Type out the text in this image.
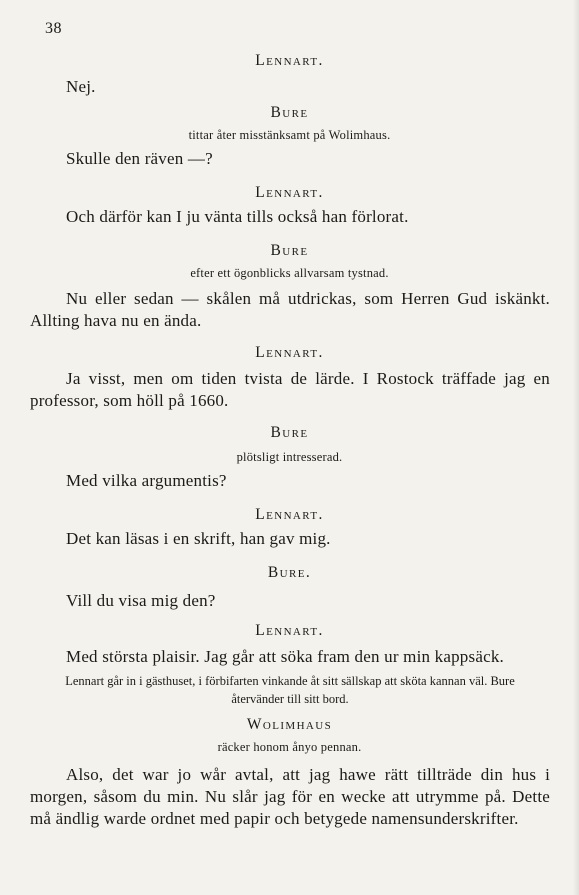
38
Lennart.
Nej.
Bure
tittar åter misstänksamt på Wolimhaus.
Skulle den räven —?
Lennart.
Och därför kan I ju vänta tills också han förlorat.
Bure
efter ett ögonblicks allvarsam tystnad.
Nu eller sedan — skålen må utdrickas, som Herren Gud iskänkt. Allting hava nu en ända.
Lennart.
Ja visst, men om tiden tvista de lärde. I Rostock träffade jag en professor, som höll på 1660.
Bure
plötsligt intresserad.
Med vilka argumentis?
Lennart.
Det kan läsas i en skrift, han gav mig.
Bure.
Vill du visa mig den?
Lennart.
Med största plaisir. Jag går att söka fram den ur min kappsäck.
Lennart går in i gästhuset, i förbifarten vinkande åt sitt sällskap att sköta kannan väl. Bure återvänder till sitt bord.
Wolimhaus
räcker honom ånyo pennan.
Also, det war jo wår avtal, att jag hawe rätt tillträde din hus i morgen, såsom du min. Nu slår jag för en wecke att utrymme på. Dette må ändlig warde ordnet med papir och betygede namensunderskrifter.
